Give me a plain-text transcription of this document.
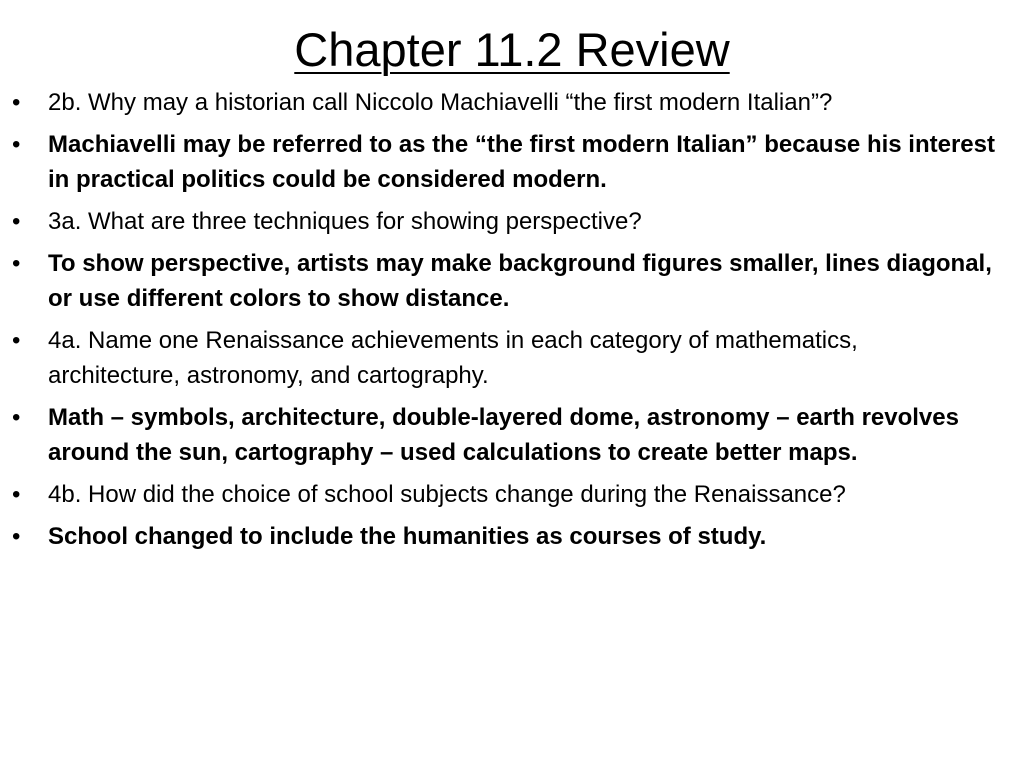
Chapter 11.2 Review
• 2b. Why may a historian call Niccolo Machiavelli “the first modern Italian”?
• Machiavelli may be referred to as the “the first modern Italian” because his interest in practical politics could be considered modern.
• 3a. What are three techniques for showing perspective?
• To show perspective, artists may make background figures smaller, lines diagonal, or use different colors to show distance.
• 4a. Name one Renaissance achievements in each category of mathematics, architecture, astronomy, and cartography.
• Math – symbols, architecture, double-layered dome, astronomy – earth revolves around the sun, cartography – used calculations to create better maps.
• 4b. How did the choice of school subjects change during the Renaissance?
• School changed to include the humanities as courses of study.
